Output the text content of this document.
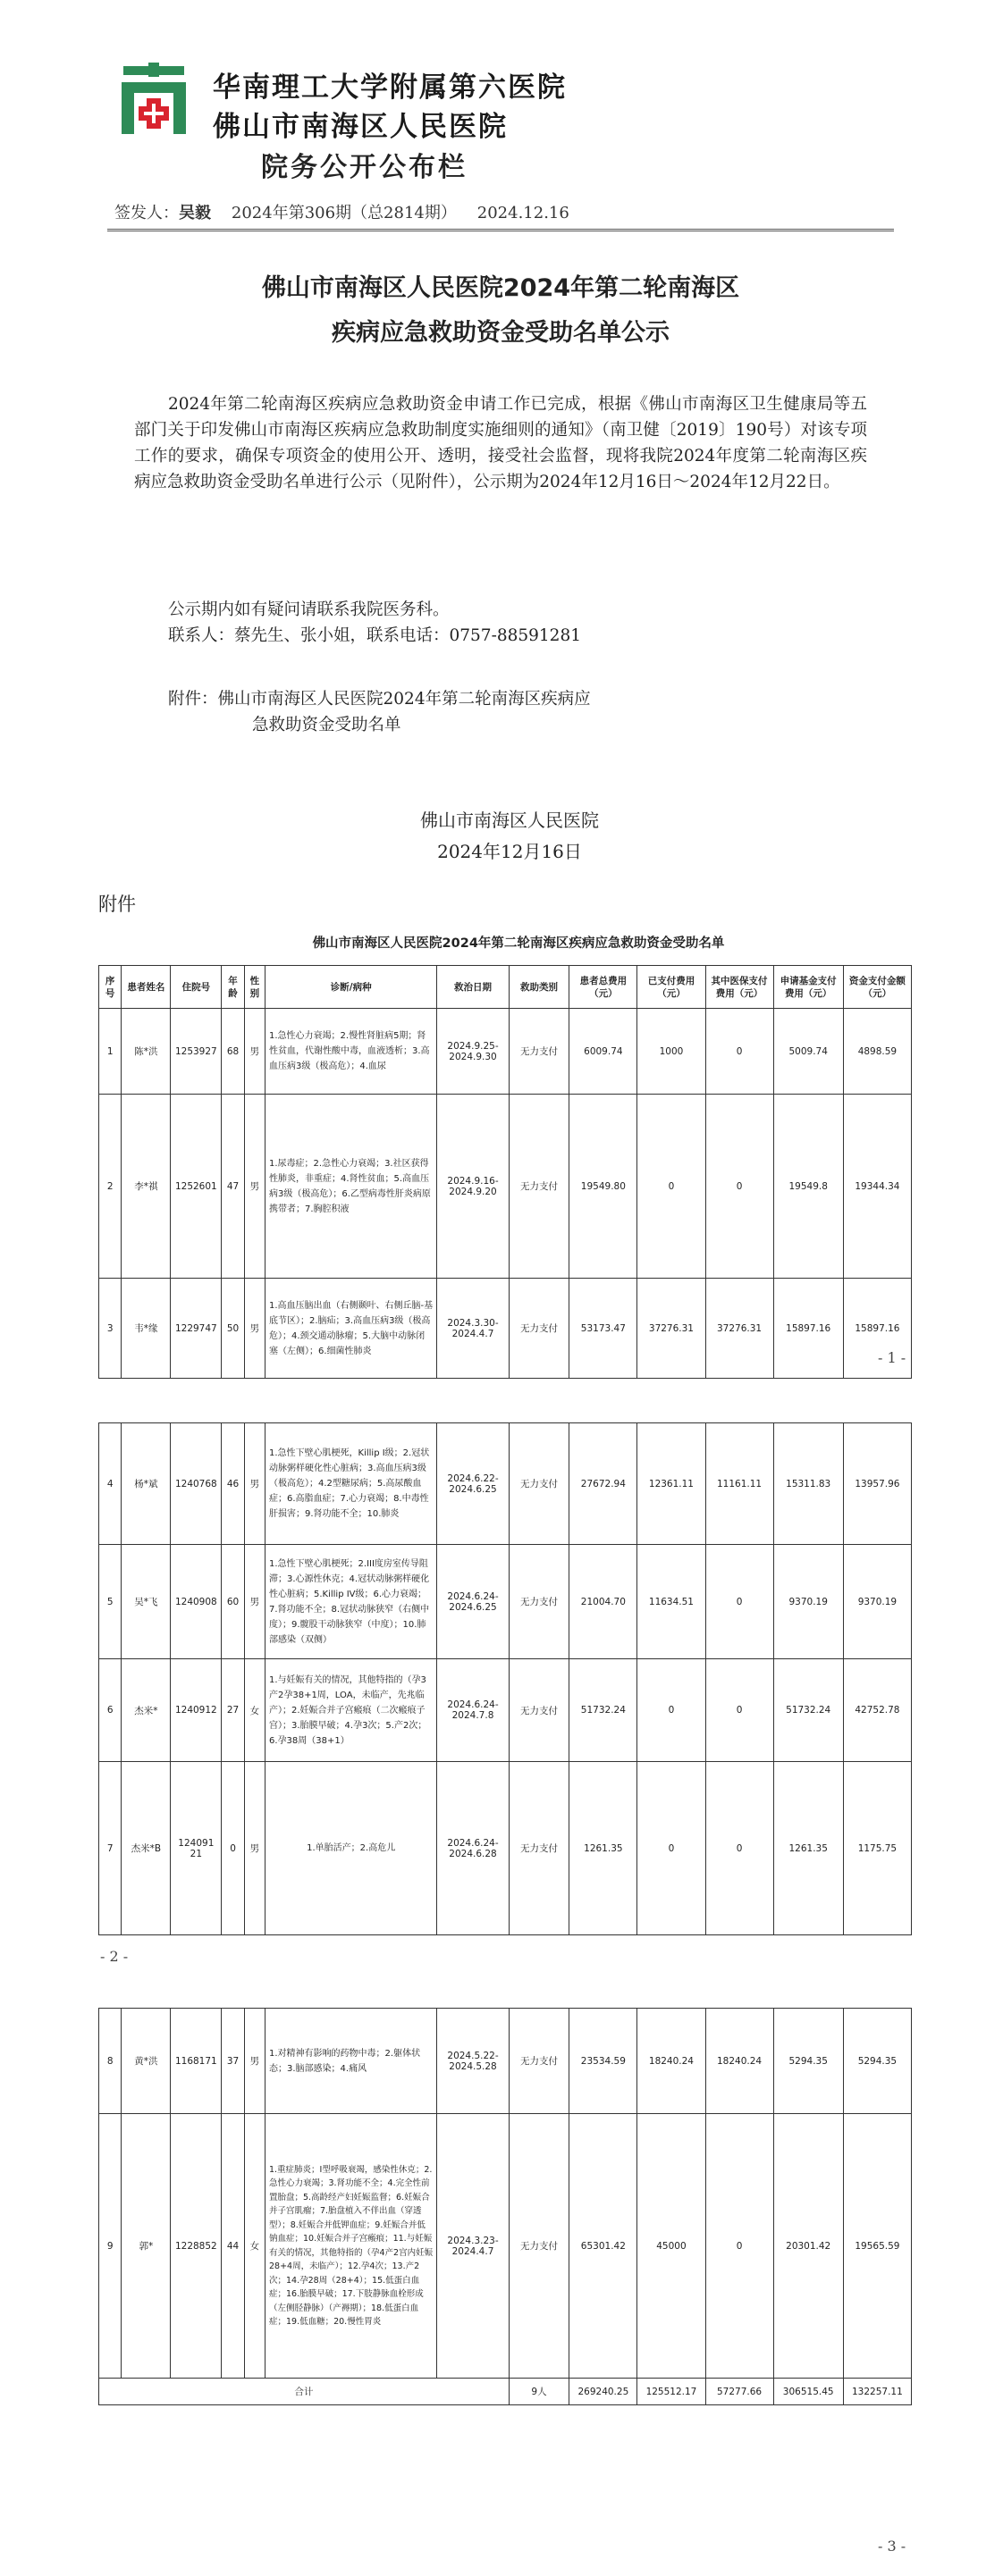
华南理工大学附属第六医院
佛山市南海区人民医院
院务公开公布栏
签发人：吴毅 2024年第306期（总2814期） 2024.12.16
佛山市南海区人民医院2024年第二轮南海区
疾病应急救助资金受助名单公示
2024年第二轮南海区疾病应急救助资金申请工作已完成，根据《佛山市南海区卫生健康局等五部门关于印发佛山市南海区疾病应急救助制度实施细则的通知》（南卫健〔2019〕190号）对该专项工作的要求，确保专项资金的使用公开、透明，接受社会监督，现将我院2024年度第二轮南海区疾病应急救助资金受助名单进行公示（见附件），公示期为2024年12月16日～2024年12月22日。
公示期内如有疑问请联系我院医务科。
联系人：蔡先生、张小姐，联系电话：0757-88591281
附件：佛山市南海区人民医院2024年第二轮南海区疾病应
急救助资金受助名单
佛山市南海区人民医院
2024年12月16日
附件
佛山市南海区人民医院2024年第二轮南海区疾病应急救助资金受助名单
序号	患者姓名	住院号	年龄	性别	诊断/病种	救治日期	救助类别	患者总费用（元）	已支付费用（元）	其中医保支付费用（元）	申请基金支付费用（元）	资金支付金额（元）
1	陈*洪	1253927	68	男	1.急性心力衰竭；2.慢性肾脏病5期；肾性贫血，代谢性酸中毒，血液透析；3.高血压病3级（极高危）；4.血尿	2024.9.25-2024.9.30	无力支付	6009.74	1000	0	5009.74	4898.59
2	李*祺	1252601	47	男	1.尿毒症；2.急性心力衰竭；3.社区获得性肺炎，非重症；4.肾性贫血；5.高血压病3级（极高危）；6.乙型病毒性肝炎病原携带者；7.胸腔积液	2024.9.16-2024.9.20	无力支付	19549.80	0	0	19549.8	19344.34
3	韦*缘	1229747	50	男	1.高血压脑出血（右侧颞叶、右侧丘脑-基底节区）；2.脑疝；3.高血压病3级（极高危）；4.颈交通动脉瘤；5.大脑中动脉闭塞（左侧）；6.细菌性肺炎	2024.3.30-2024.4.7	无力支付	53173.47	37276.31	37276.31	15897.16	15897.16
- 1 -
4	杨*斌	1240768	46	男	1.急性下壁心肌梗死，Killip I级；2.冠状动脉粥样硬化性心脏病；3.高血压病3级（极高危）；4.2型糖尿病；5.高尿酸血症；6.高脂血症；7.心力衰竭；8.中毒性肝损害；9.肾功能不全；10.肺炎	2024.6.22-2024.6.25	无力支付	27672.94	12361.11	11161.11	15311.83	13957.96
5	吴*飞	1240908	60	男	1.急性下壁心肌梗死；2.III度房室传导阻滞；3.心源性休克；4.冠状动脉粥样硬化性心脏病；5.Killip IV级；6.心力衰竭；7.肾功能不全；8.冠状动脉狭窄（右侧中度）；9.髋股干动脉狭窄（中度）；10.肺部感染（双侧）	2024.6.24-2024.6.25	无力支付	21004.70	11634.51	0	9370.19	9370.19
6	杰米*	1240912	27	女	1.与妊娠有关的情况，其他特指的（孕3产2孕38+1周，LOA，未临产，先兆临产）；2.妊娠合并子宫瘢痕（二次瘢痕子宫）；3.胎膜早破；4.孕3次；5.产2次；6.孕38周（38+1）	2024.6.24-2024.7.8	无力支付	51732.24	0	0	51732.24	42752.78
7	杰米*B	124091 21	0	男	1.单胎活产；2.高危儿	2024.6.24-2024.6.28	无力支付	1261.35	0	0	1261.35	1175.75
- 2 -
8	黄*洪	1168171	37	男	1.对精神有影响的药物中毒；2.躯体状态；3.脑部感染；4.痛风	2024.5.22-2024.5.28	无力支付	23534.59	18240.24	18240.24	5294.35	5294.35
9	郭*	1228852	44	女	1.重症肺炎；I型呼吸衰竭，感染性休克；2.急性心力衰竭；3.肾功能不全；4.完全性前置胎盘；5.高龄经产妇妊娠监督；6.妊娠合并子宫肌瘤；7.胎盘植入不伴出血（穿透型）；8.妊娠合并低钾血症；9.妊娠合并低钠血症；10.妊娠合并子宫瘢痕；11.与妊娠有关的情况，其他特指的（孕4产2宫内妊娠28+4周，未临产）；12.孕4次；13.产2次；14.孕28周（28+4）；15.低蛋白血症；16.胎膜早破；17.下肢静脉血栓形成（左侧胫静脉）（产褥期）；18.低蛋白血症；19.低血糖；20.慢性胃炎	2024.3.23-2024.4.7	无力支付	65301.42	45000	0	20301.42	19565.59
合计							9人	269240.25	125512.17	57277.66	306515.45	132257.11
- 3 -
